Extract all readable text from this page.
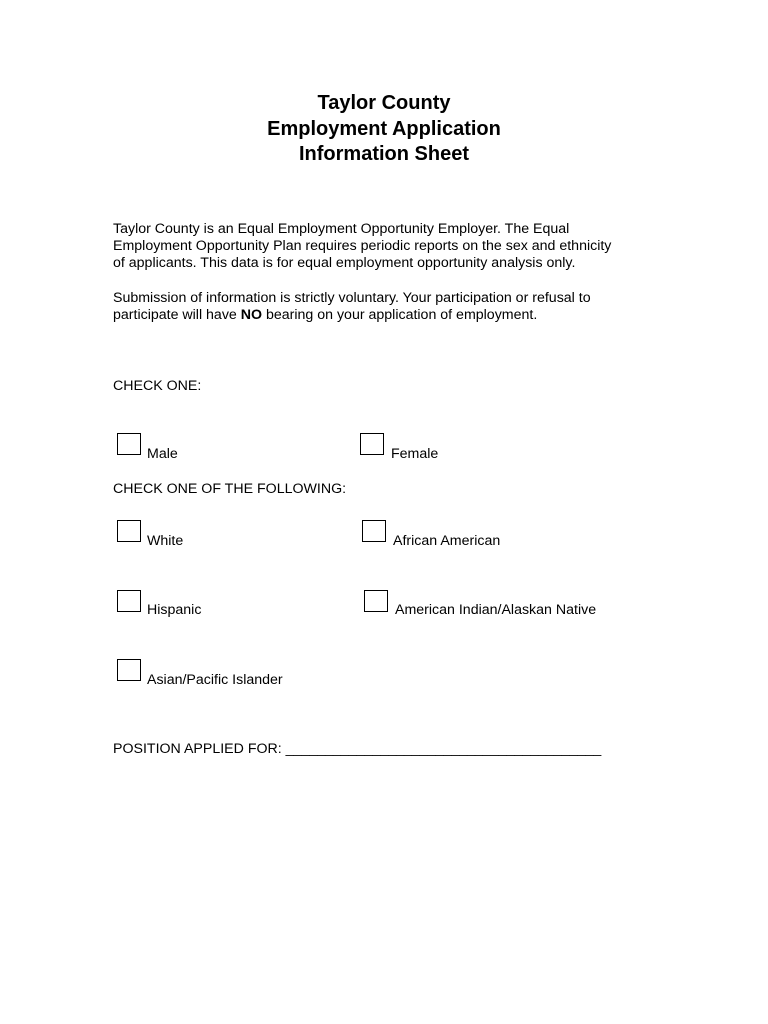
Taylor County
Employment Application
Information Sheet
Taylor County is an Equal Employment Opportunity Employer. The Equal
Employment Opportunity Plan requires periodic reports on the sex and ethnicity
of applicants. This data is for equal employment opportunity analysis only.
Submission of information is strictly voluntary. Your participation or refusal to
participate will have NO bearing on your application of employment.
CHECK ONE:
Male	Female
CHECK ONE OF THE FOLLOWING:
White	African American
Hispanic	American Indian/Alaskan Native
Asian/Pacific Islander
POSITION APPLIED FOR: ________________________________________
